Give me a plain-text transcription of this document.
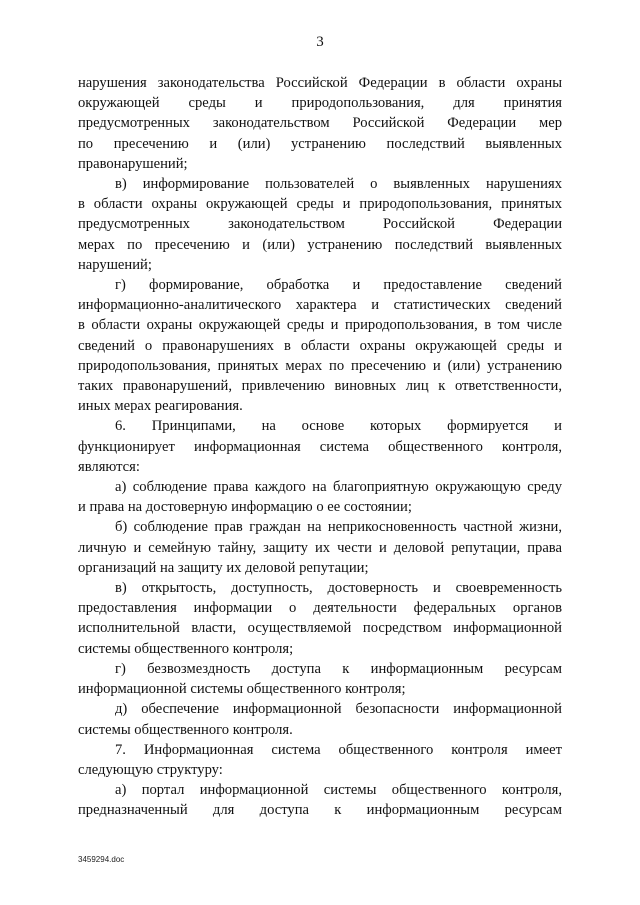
3
нарушения законодательства Российской Федерации в области охраны
окружающей среды и природопользования, для принятия
предусмотренных законодательством Российской Федерации мер
по пресечению и (или) устранению последствий выявленных
правонарушений;
в) информирование пользователей о выявленных нарушениях
в области охраны окружающей среды и природопользования, принятых
предусмотренных законодательством Российской Федерации
мерах по пресечению и (или) устранению последствий выявленных
нарушений;
г) формирование, обработка и предоставление сведений
информационно-аналитического характера и статистических сведений
в области охраны окружающей среды и природопользования, в том числе
сведений о правонарушениях в области охраны окружающей среды и
природопользования, принятых мерах по пресечению и (или) устранению
таких правонарушений, привлечению виновных лиц к ответственности,
иных мерах реагирования.
6. Принципами, на основе которых формируется и
функционирует информационная система общественного контроля,
являются:
а) соблюдение права каждого на благоприятную окружающую среду
и права на достоверную информацию о ее состоянии;
б) соблюдение прав граждан на неприкосновенность частной жизни,
личную и семейную тайну, защиту их чести и деловой репутации, права
организаций на защиту их деловой репутации;
в) открытость, доступность, достоверность и своевременность
предоставления информации о деятельности федеральных органов
исполнительной власти, осуществляемой посредством информационной
системы общественного контроля;
г) безвозмездность доступа к информационным ресурсам
информационной системы общественного контроля;
д) обеспечение информационной безопасности информационной
системы общественного контроля.
7. Информационная система общественного контроля имеет
следующую структуру:
а) портал информационной системы общественного контроля,
предназначенный для доступа к информационным ресурсам
3459294.doc
